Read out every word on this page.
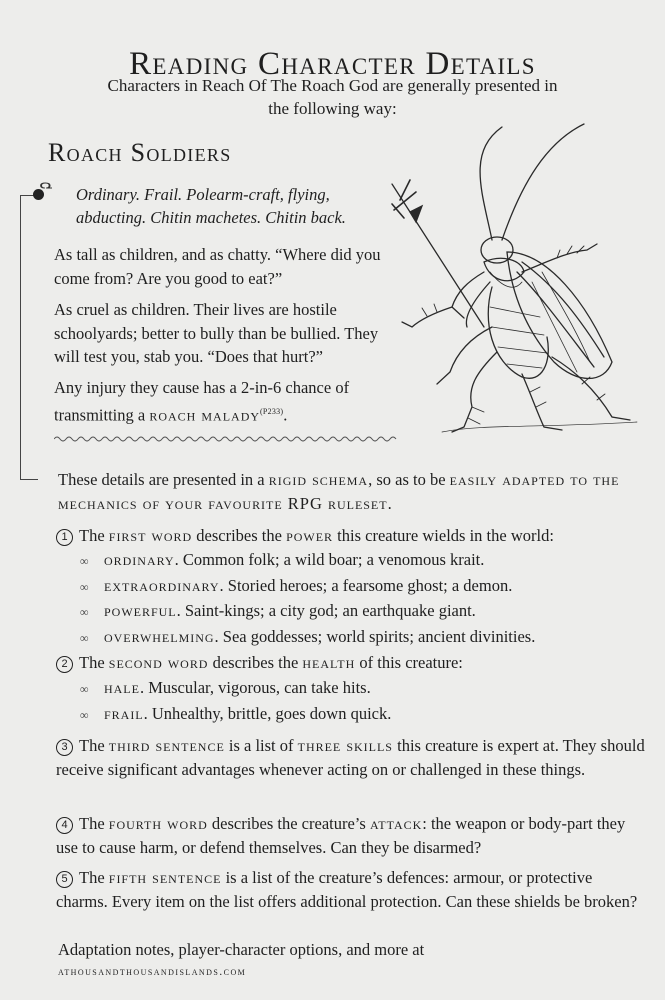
Reading Character Details
Characters in Reach Of The Roach God are generally presented in the following way:
Roach Soldiers
Ordinary. Frail. Polearm-craft, flying, abducting. Chitin machetes. Chitin back.
As tall as children, and as chatty. “Where did you come from? Are you good to eat?”
As cruel as children. Their lives are hostile schoolyards; better to bully than be bullied. They will test you, stab you. “Does that hurt?”
Any injury they cause has a 2-in-6 chance of transmitting a roach malady$^{(P233)}$.
These details are presented in a rigid schema, so as to be easily adapted to the mechanics of your favourite RPG ruleset.
1 The first word describes the power this creature wields in the world:
∞ ordinary. Common folk; a wild boar; a venomous krait.
∞ extraordinary. Storied heroes; a fearsome ghost; a demon.
∞ powerful. Saint-kings; a city god; an earthquake giant.
∞ overwhelming. Sea goddesses; world spirits; ancient divinities.
2 The second word describes the health of this creature:
∞ hale. Muscular, vigorous, can take hits.
∞ frail. Unhealthy, brittle, goes down quick.
3 The third sentence is a list of three skills this creature is expert at. They should receive significant advantages whenever acting on or challenged in these things.
4 The fourth word describes the creature’s attack: the weapon or body-part they use to cause harm, or defend themselves. Can they be disarmed?
5 The fifth sentence is a list of the creature’s defences: armour, or protective charms. Every item on the list offers additional protection. Can these shields be broken?
Adaptation notes, player-character options, and more at
athousandthousandislands.com
